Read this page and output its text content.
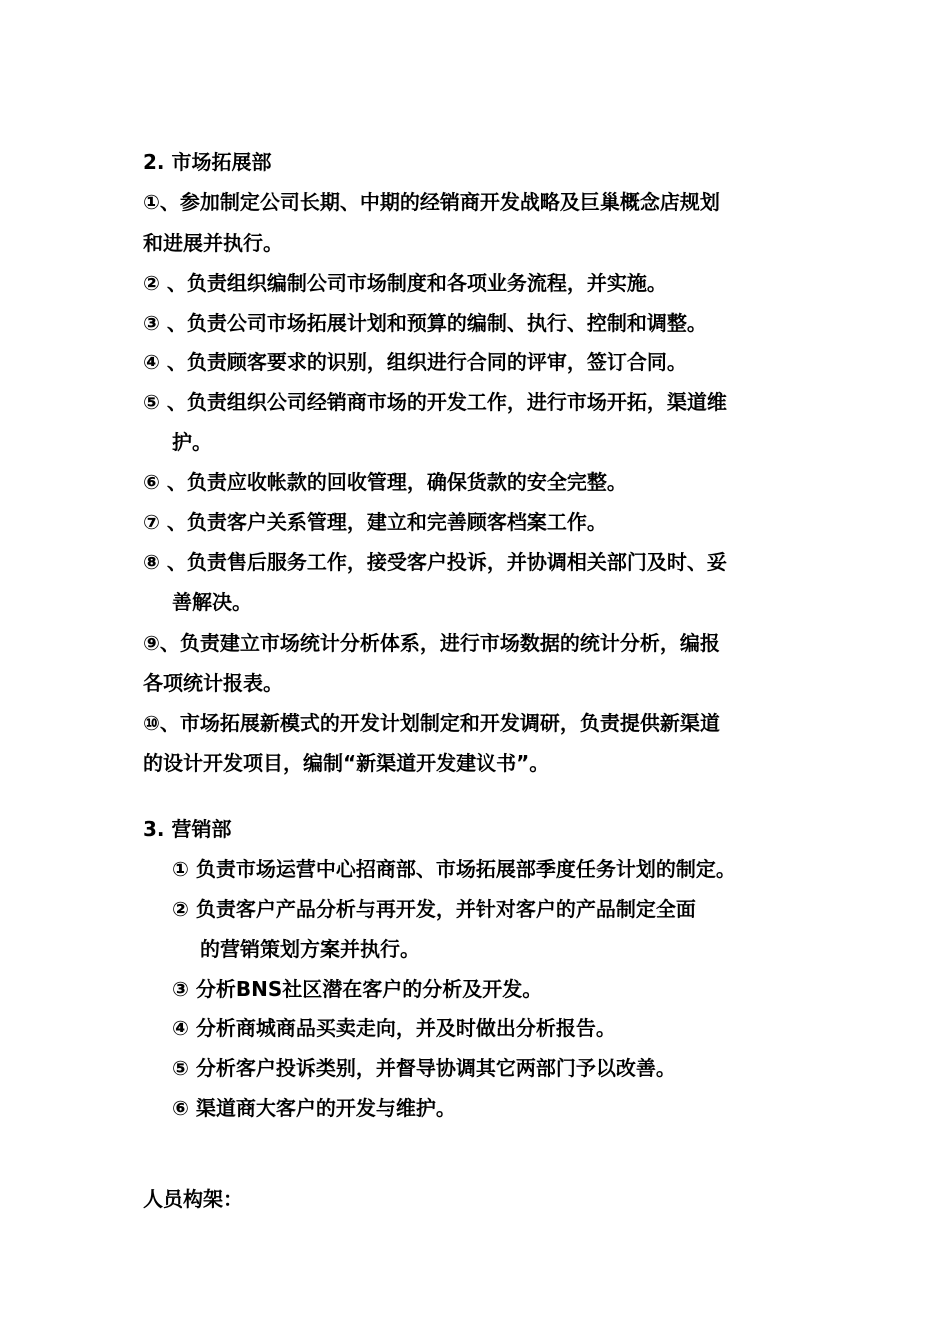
2. 市场拓展部
①、参加制定公司长期、中期的经销商开发战略及巨巢概念店规划
和进展并执行。
② 、负责组织编制公司市场制度和各项业务流程，并实施。
③ 、负责公司市场拓展计划和预算的编制、执行、控制和调整。
④ 、负责顾客要求的识别，组织进行合同的评审，签订合同。
⑤ 、负责组织公司经销商市场的开发工作，进行市场开拓，渠道维
护。
⑥ 、负责应收帐款的回收管理，确保货款的安全完整。
⑦ 、负责客户关系管理，建立和完善顾客档案工作。
⑧ 、负责售后服务工作，接受客户投诉，并协调相关部门及时、妥
善解决。
⑨、负责建立市场统计分析体系，进行市场数据的统计分析，编报
各项统计报表。
⑩、市场拓展新模式的开发计划制定和开发调研，负责提供新渠道
的设计开发项目，编制“新渠道开发建议书”。
3. 营销部
① 负责市场运营中心招商部、市场拓展部季度任务计划的制定。
② 负责客户产品分析与再开发，并针对客户的产品制定全面
的营销策划方案并执行。
③ 分析BNS社区潜在客户的分析及开发。
④ 分析商城商品买卖走向，并及时做出分析报告。
⑤ 分析客户投诉类别，并督导协调其它两部门予以改善。
⑥ 渠道商大客户的开发与维护。
人员构架：
